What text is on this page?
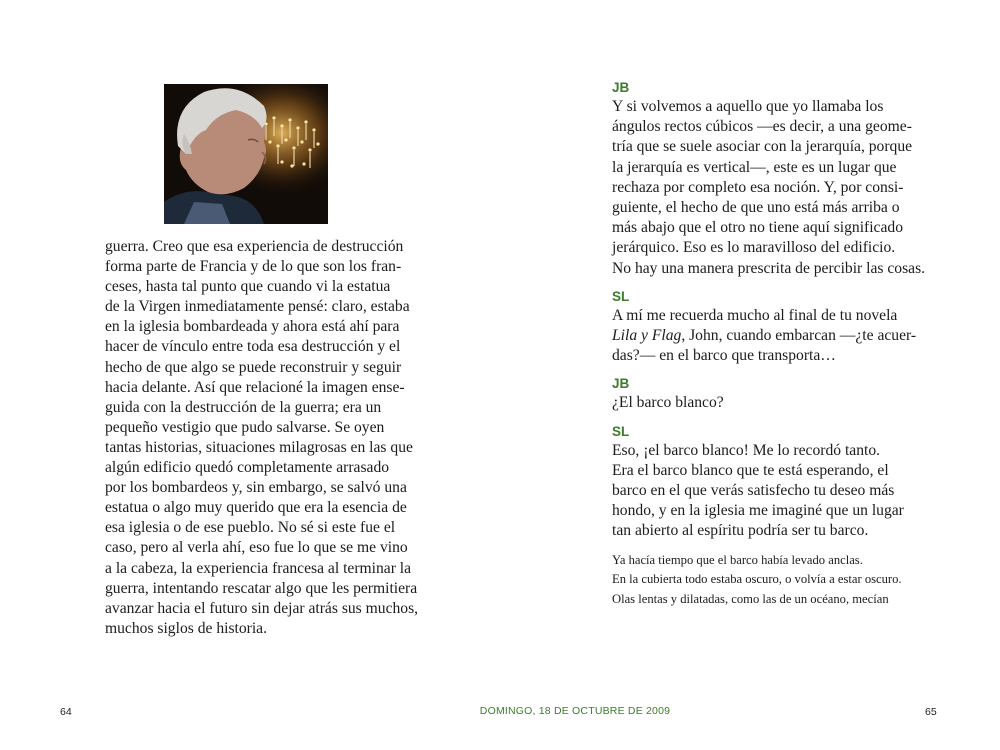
guerra. Creo que esa experiencia de destrucción
forma parte de Francia y de lo que son los fran-
ceses, hasta tal punto que cuando vi la estatua
de la Virgen inmediatamente pensé: claro, estaba
en la iglesia bombardeada y ahora está ahí para
hacer de vínculo entre toda esa destrucción y el
hecho de que algo se puede reconstruir y seguir
hacia delante. Así que relacioné la imagen ense-
guida con la destrucción de la guerra; era un
pequeño vestigio que pudo salvarse. Se oyen
tantas historias, situaciones milagrosas en las que
algún edificio quedó completamente arrasado
por los bombardeos y, sin embargo, se salvó una
estatua o algo muy querido que era la esencia de
esa iglesia o de ese pueblo. No sé si este fue el
caso, pero al verla ahí, eso fue lo que se me vino
a la cabeza, la experiencia francesa al terminar la
guerra, intentando rescatar algo que les permitiera
avanzar hacia el futuro sin dejar atrás sus muchos,
muchos siglos de historia.
JB
Y si volvemos a aquello que yo llamaba los
ángulos rectos cúbicos —es decir, a una geome-
tría que se suele asociar con la jerarquía, porque
la jerarquía es vertical—, este es un lugar que
rechaza por completo esa noción. Y, por consi-
guiente, el hecho de que uno está más arriba o
más abajo que el otro no tiene aquí significado
jerárquico. Eso es lo maravilloso del edificio.
No hay una manera prescrita de percibir las cosas.
SL
A mí me recuerda mucho al final de tu novela
Lila y Flag, John, cuando embarcan —¿te acuer-
das?— en el barco que transporta…
JB
¿El barco blanco?
SL
Eso, ¡el barco blanco! Me lo recordó tanto.
Era el barco blanco que te está esperando, el
barco en el que verás satisfecho tu deseo más
hondo, y en la iglesia me imaginé que un lugar
tan abierto al espíritu podría ser tu barco.
Ya hacía tiempo que el barco había levado anclas.
En la cubierta todo estaba oscuro, o volvía a estar oscuro.
Olas lentas y dilatadas, como las de un océano, mecían
64	DOMINGO, 18 DE OCTUBRE DE 2009	65
